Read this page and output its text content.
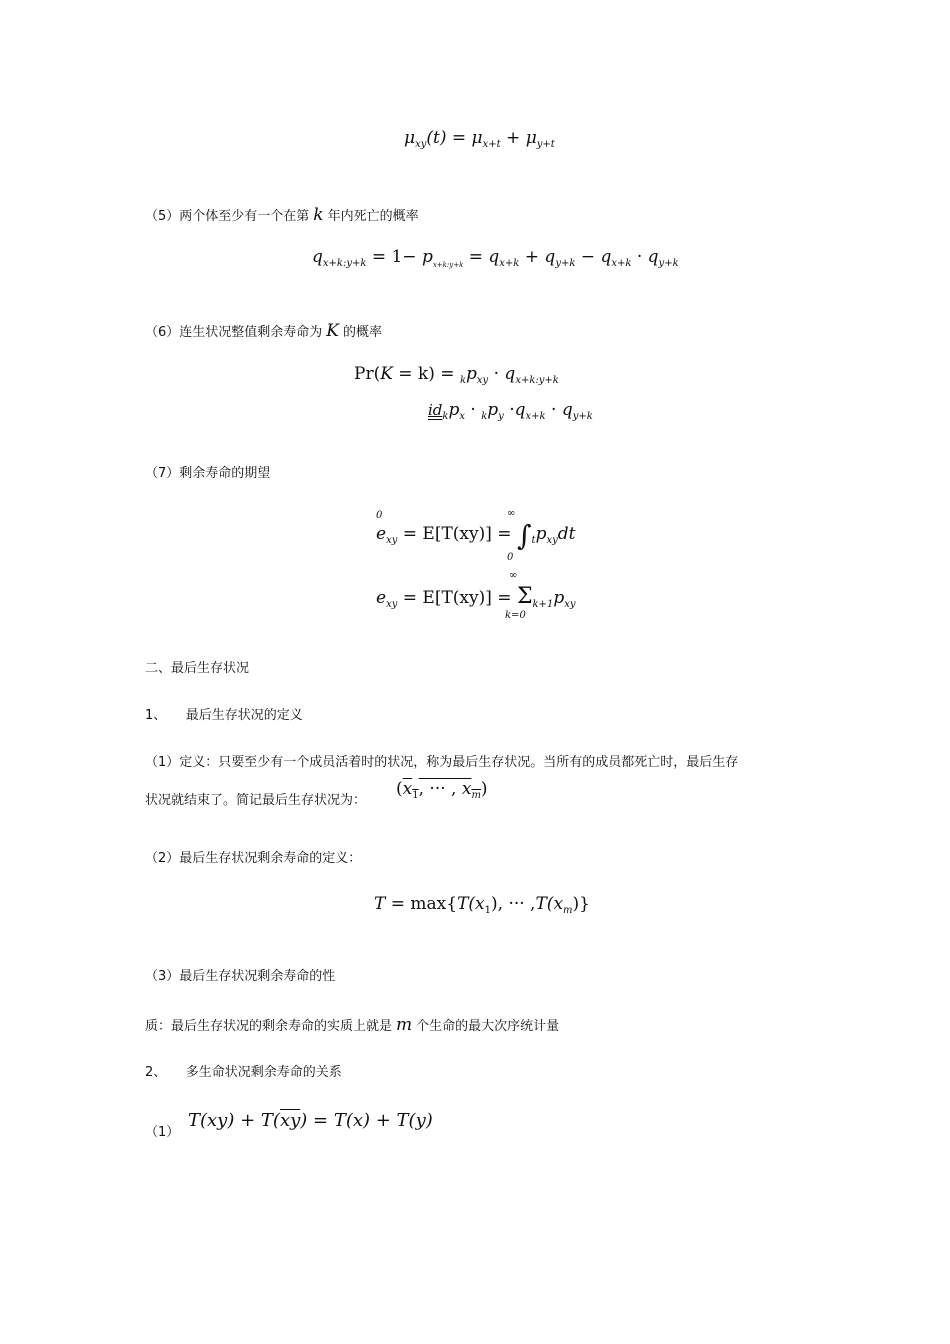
$\mu_{xy}(t) = \mu_{x+t} + \mu_{y+t}$
（5）两个体至少有一个在第 k 年内死亡的概率
$q_{x+k:y+k} = 1- p_{x+k:y+k} = q_{x+k} + q_{y+k} - q_{x+k} \cdot q_{y+k}$
（6）连生状况整值剩余寿命为 K 的概率
$Pr(K = k) = _kp_{xy} \cdot q_{x+k:y+k}$
$id_kp_x \cdot _kp_y \cdot q_{x+k} \cdot q_{y+k}$
（7）剩余寿命的期望
0	∞
0
$e_{xy} = E[T(xy)] = \int_tp_{xy}dt$
∞
k=0
$e_{xy} = E[T(xy)] = \Sigma_{k+1}p_{xy}$
二、最后生存状况
1、　　最后生存状况的定义
（1）定义：只要至少有一个成员活着时的状况，称为最后生存状况。当所有的成员都死亡时，最后生存
状况就结束了。简记最后生存状况为：
($x_1$, ··· , $x_m$)
（2）最后生存状况剩余寿命的定义：
$T = \max\{T(x_1)$, ··· $,T(x_m)$}
（3）最后生存状况剩余寿命的性
质：最后生存状况的剩余寿命的实质上就是 m 个生命的最大次序统计量
2、　　多生命状况剩余寿命的关系
（1）
$T(xy) + T(\overline{xy}) = T(x) + T(y)$
